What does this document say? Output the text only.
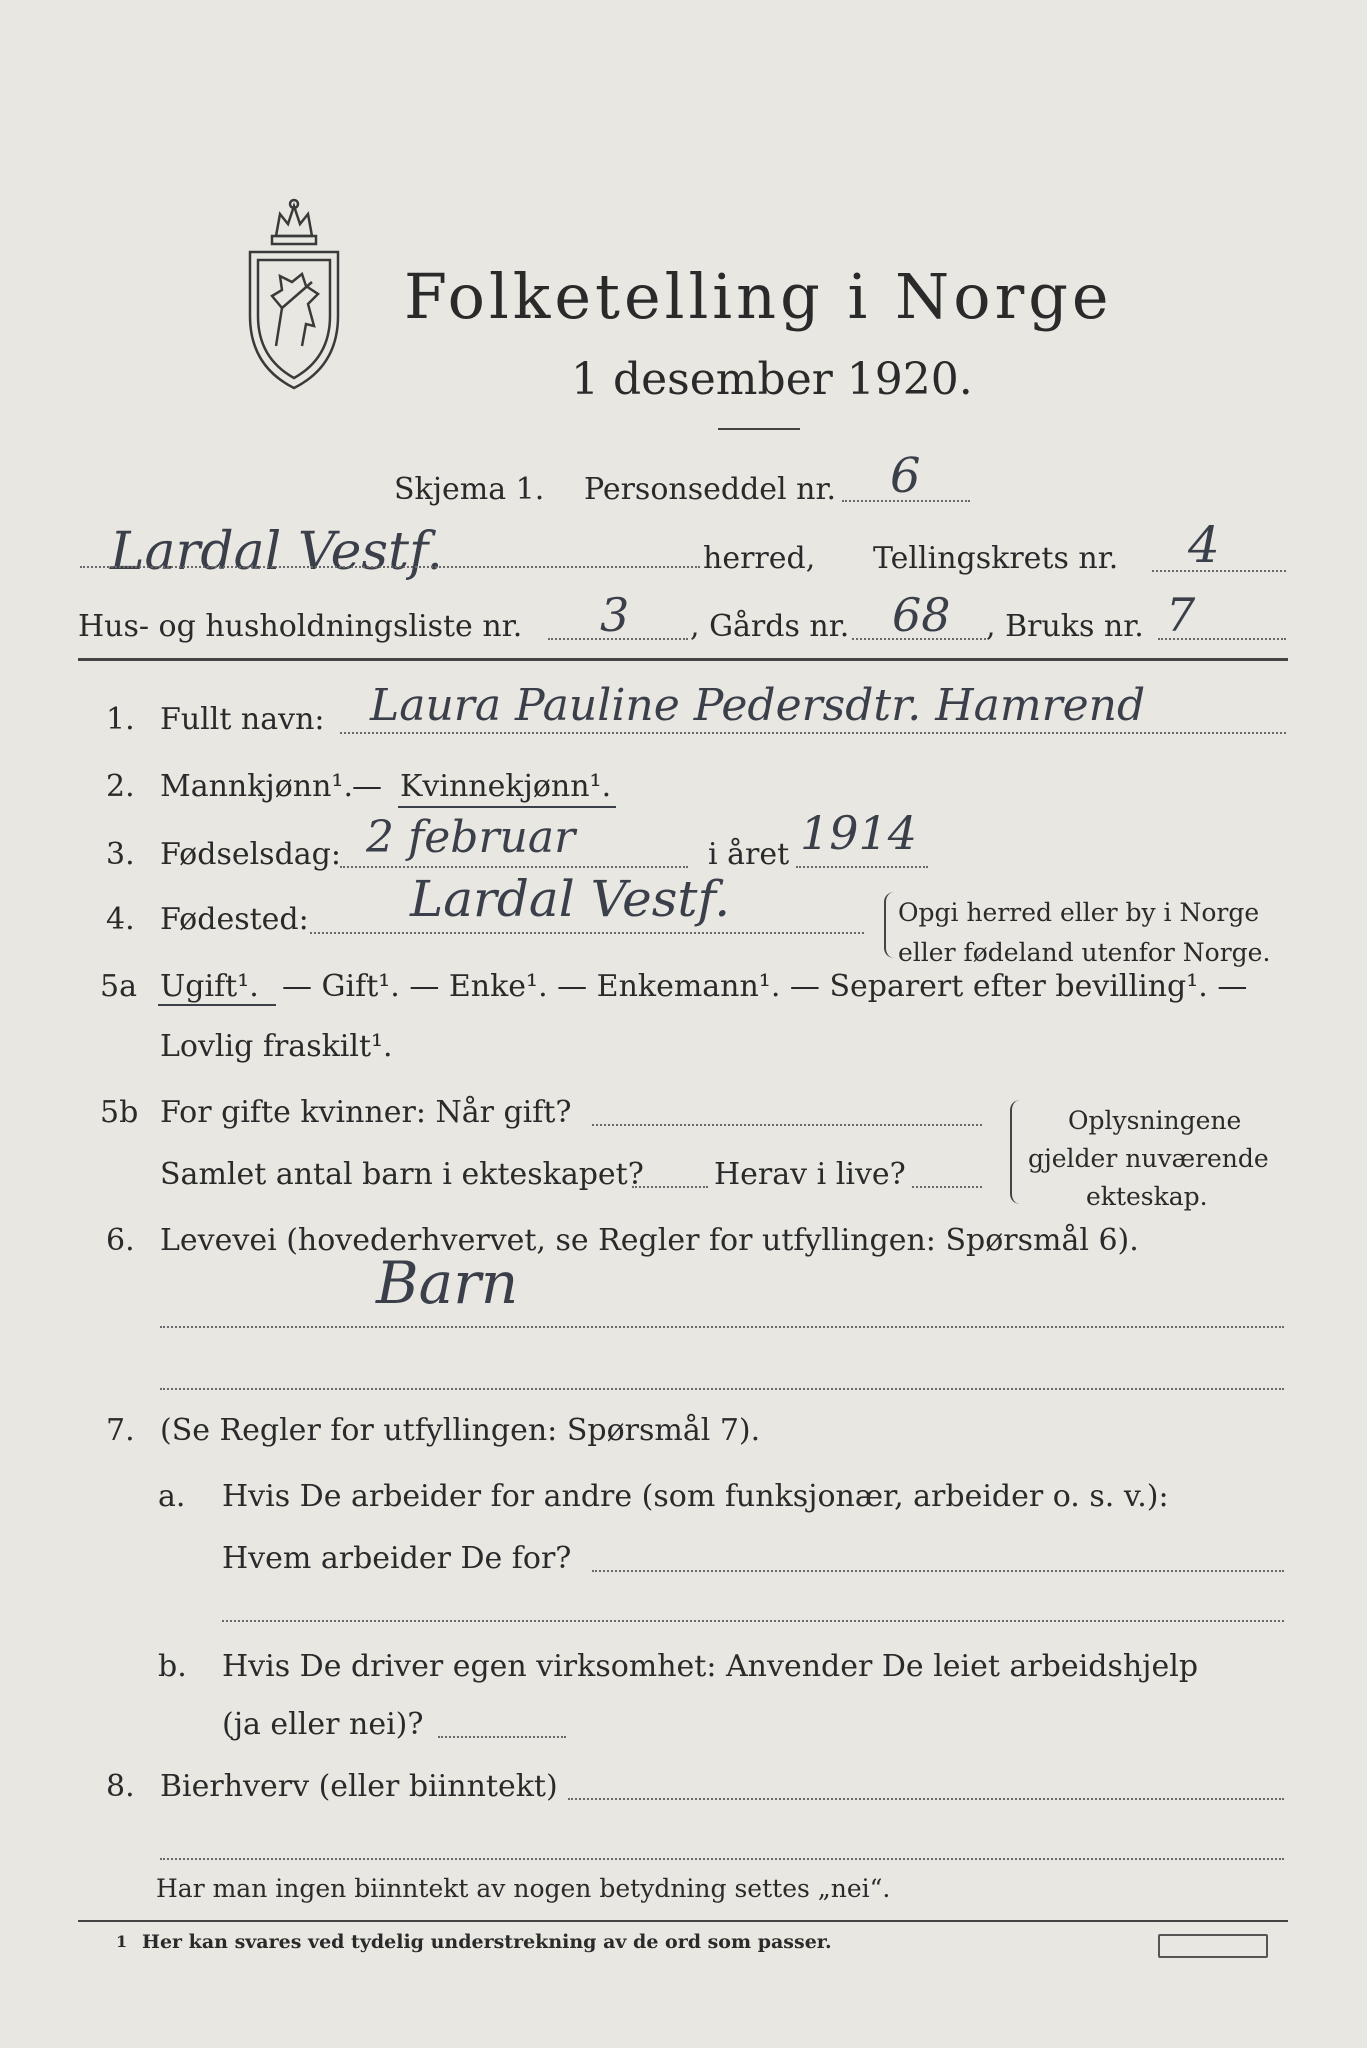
Folketelling i Norge
1 desember 1920.
Skjema 1. Personseddel nr. 6
Lardal Vestf.	herred, Tellingskrets nr. 4
Hus- og husholdningsliste nr. 3 , Gårds nr. 68 , Bruks nr. 7
1. Fullt navn: Laura Pauline Pedersdtr. Hamrend
2. Mannkjønn¹. — Kvinnekjønn¹.
3. Fødselsdag: 2 februar	i året 1914
4. Fødested: Lardal Vestf.	Opgi herred eller by i Norge
eller fødeland utenfor Norge.
5a Ugift¹. — Gift¹. — Enke¹. — Enkemann¹. — Separert efter bevilling¹. —
Lovlig fraskilt¹.
5b For gifte kvinner: Når gift?
Samlet antal barn i ekteskapet? Herav i live?
Oplysningene
gjelder nuværende
ekteskap.
6. Levevei (hovederhvervet, se Regler for utfyllingen: Spørsmål 6).
Barn
7. (Se Regler for utfyllingen: Spørsmål 7).
a. Hvis De arbeider for andre (som funksjonær, arbeider o. s. v.):
Hvem arbeider De for?
b. Hvis De driver egen virksomhet: Anvender De leiet arbeidshjelp
(ja eller nei)?
8. Bierhverv (eller biinntekt)
Har man ingen biinntekt av nogen betydning settes „nei“.
1 Her kan svares ved tydelig understrekning av de ord som passer.
